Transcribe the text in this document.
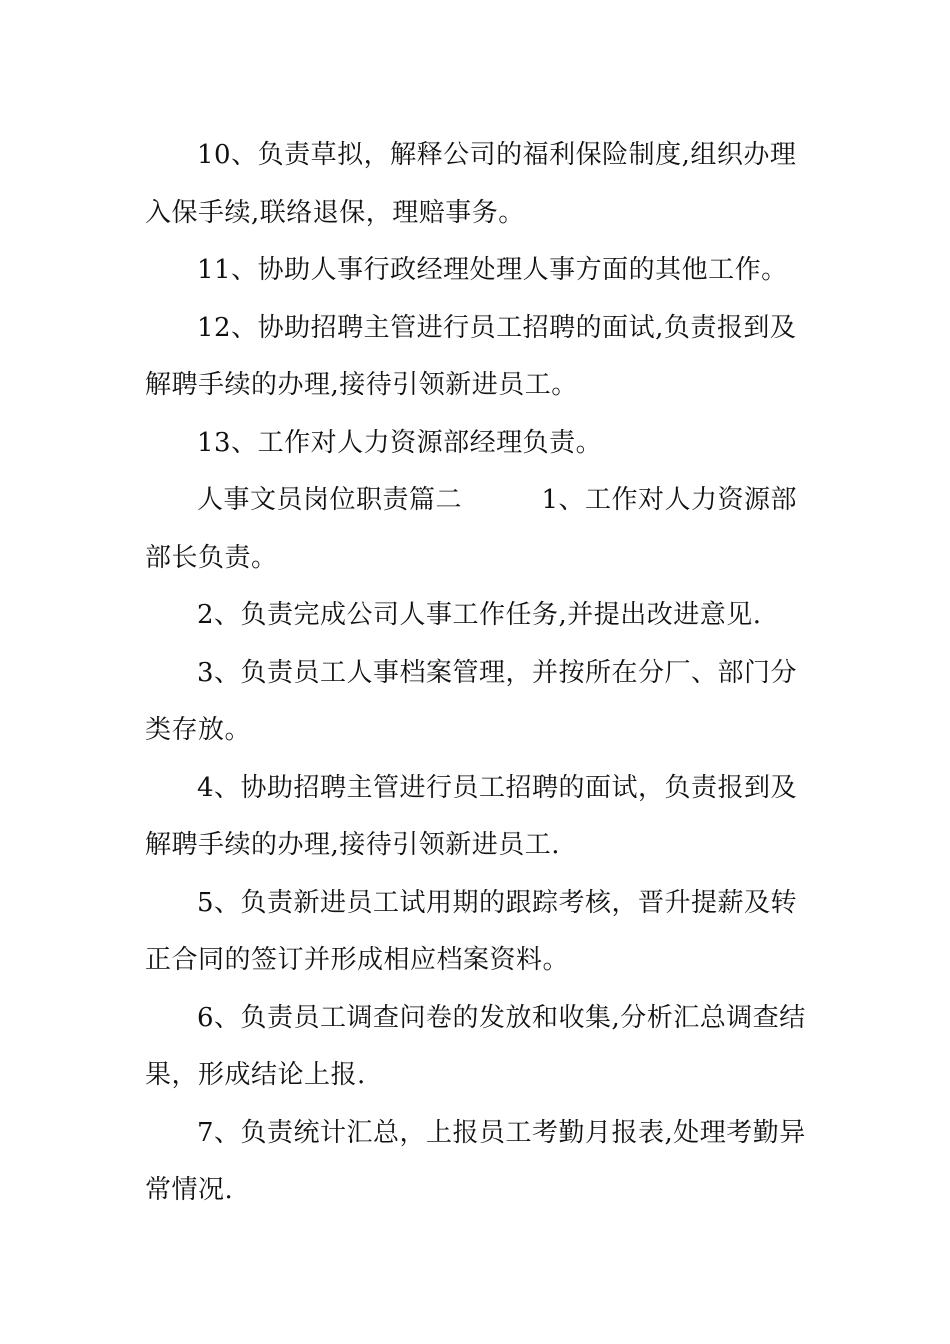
10、负责草拟，解释公司的福利保险制度,组织办理入保手续,联络退保，理赔事务。

11、协助人事行政经理处理人事方面的其他工作。

12、协助招聘主管进行员工招聘的面试,负责报到及解聘手续的办理,接待引领新进员工。

13、工作对人力资源部经理负责。

人事文员岗位职责篇二　　　1、工作对人力资源部部长负责。

2、负责完成公司人事工作任务,并提出改进意见.

3、负责员工人事档案管理，并按所在分厂、部门分类存放。

4、协助招聘主管进行员工招聘的面试，负责报到及解聘手续的办理,接待引领新进员工.

5、负责新进员工试用期的跟踪考核，晋升提薪及转正合同的签订并形成相应档案资料。

6、负责员工调查问卷的发放和收集,分析汇总调查结果，形成结论上报.

7、负责统计汇总，上报员工考勤月报表,处理考勤异常情况.
